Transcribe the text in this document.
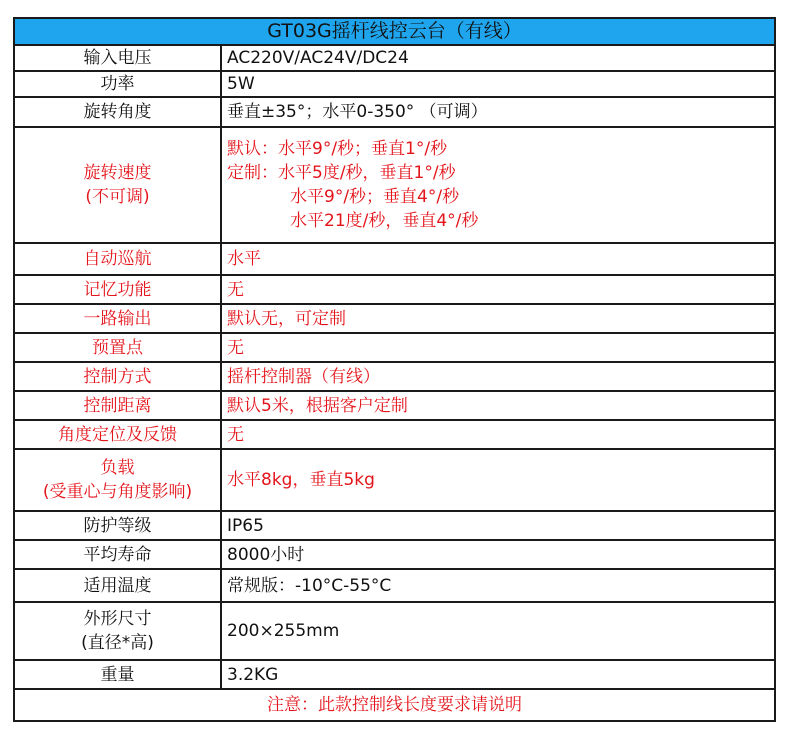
GT03G摇杆线控云台（有线）	
输入电压	AC220V/AC24V/DC24
功率	5W
旋转角度	垂直±35°；水平0-350° （可调）

旋转速度
(不可调)	默认：水平9°/秒；垂直1°/秒
定制：水平5度/秒，垂直1°/秒
水平9°/秒；垂直4°/秒
水平21度/秒，垂直4°/秒

自动巡航	水平
记忆功能	无
一路输出	默认无，可定制
预置点	无
控制方式	摇杆控制器（有线）
控制距离	默认5米，根据客户定制
角度定位及反馈	无

负载
(受重心与角度影响)	水平8kg，垂直5kg
防护等级	IP65
平均寿命	8000小时
适用温度	常规版：-10°C-55°C

外形尺寸
(直径*高)	200×255mm
重量	3.2KG
注意：此款控制线长度要求请说明	
